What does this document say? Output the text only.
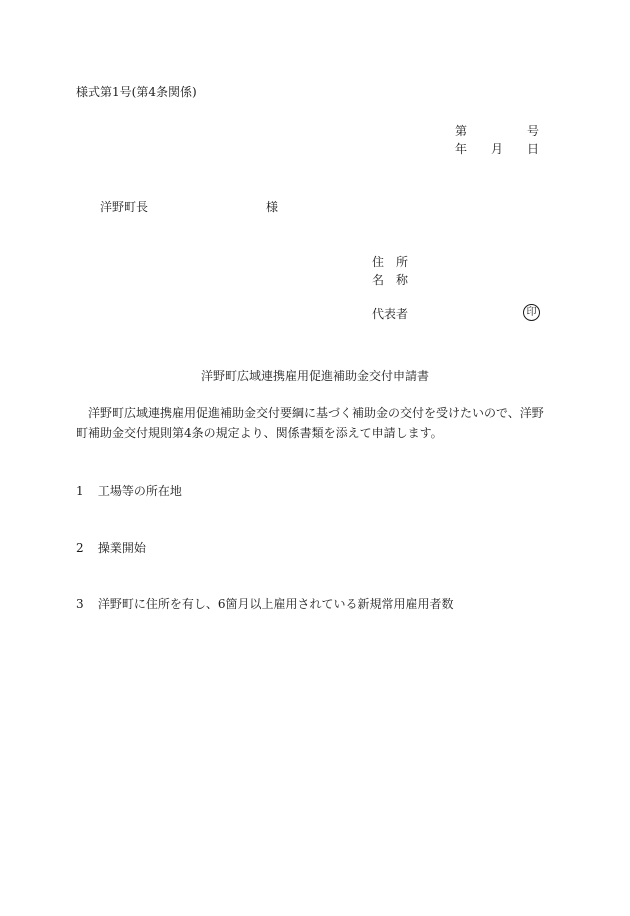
様式第1号(第4条関係)
第	号
年 月 日
洋野町長	様
住　所
名　称
代表者	印
洋野町広域連携雇用促進補助金交付申請書
洋野町広域連携雇用促進補助金交付要綱に基づく補助金の交付を受けたいので、洋野町補助金交付規則第4条の規定より、関係書類を添えて申請します。
1 工場等の所在地
2 操業開始
3 洋野町に住所を有し、6箇月以上雇用されている新規常用雇用者数
